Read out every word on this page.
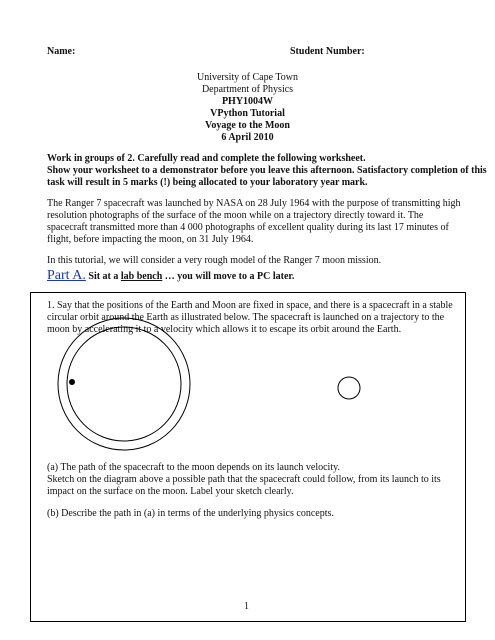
Name:	Student Number:
University of Cape Town
Department of Physics
PHY1004W
VPython Tutorial
Voyage to the Moon
6 April 2010
Work in groups of 2. Carefully read and complete the following worksheet.
Show your worksheet to a demonstrator before you leave this afternoon. Satisfactory completion of this
task will result in 5 marks (!) being allocated to your laboratory year mark.
The Ranger 7 spacecraft was launched by NASA on 28 July 1964 with the purpose of transmitting high
resolution photographs of the surface of the moon while on a trajectory directly toward it. The
spacecraft transmitted more than 4 000 photographs of excellent quality during its last 17 minutes of
flight, before impacting the moon, on 31 July 1964.
In this tutorial, we will consider a very rough model of the Ranger 7 moon mission.
Part A. Sit at a lab bench … you will move to a PC later.
1. Say that the positions of the Earth and Moon are fixed in space, and there is a spacecraft in a stable
circular orbit around the Earth as illustrated below. The spacecraft is launched on a trajectory to the
moon by accelerating it to a velocity which allows it to escape its orbit around the Earth.
(a) The path of the spacecraft to the moon depends on its launch velocity.
Sketch on the diagram above a possible path that the spacecraft could follow, from its launch to its
impact on the surface on the moon. Label your sketch clearly.
(b) Describe the path in (a) in terms of the underlying physics concepts.
1
